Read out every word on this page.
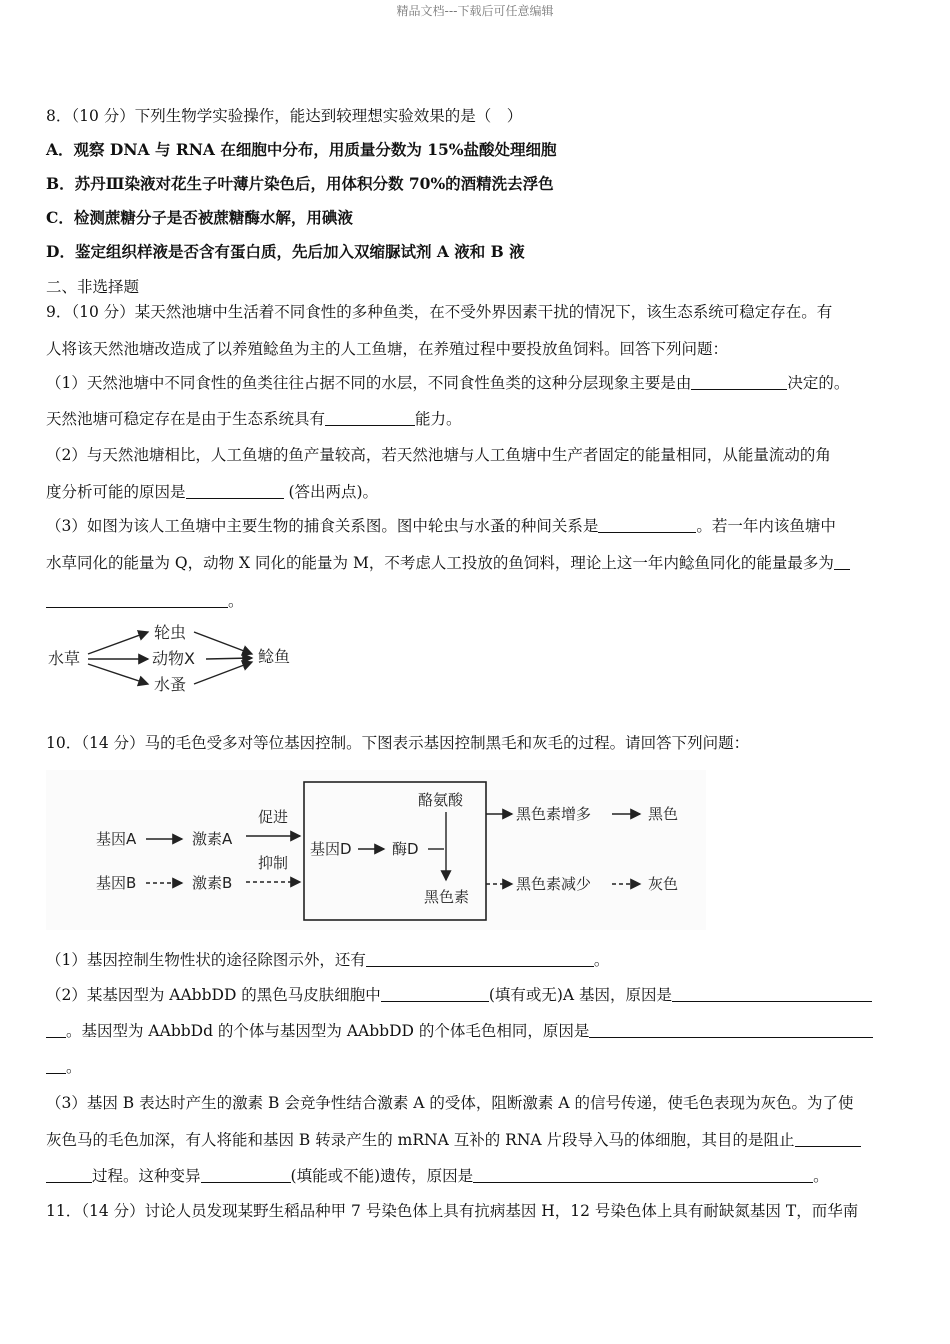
精品文档---下载后可任意编辑
8．（10 分）下列生物学实验操作，能达到较理想实验效果的是（　）
A．观察 DNA 与 RNA 在细胞中分布，用质量分数为 15%盐酸处理细胞
B．苏丹Ⅲ染液对花生子叶薄片染色后，用体积分数 70%的酒精洗去浮色
C．检测蔗糖分子是否被蔗糖酶水解，用碘液
D．鉴定组织样液是否含有蛋白质，先后加入双缩脲试剂 A 液和 B 液
二、非选择题
9．（10 分）某天然池塘中生活着不同食性的多种鱼类，在不受外界因素干扰的情况下，该生态系统可稳定存在。有
人将该天然池塘改造成了以养殖鲶鱼为主的人工鱼塘，在养殖过程中要投放鱼饲料。回答下列问题：
（1）天然池塘中不同食性的鱼类往往占据不同的水层，不同食性鱼类的这种分层现象主要是由	决定的。
天然池塘可稳定存在是由于生态系统具有	能力。
（2）与天然池塘相比，人工鱼塘的鱼产量较高，若天然池塘与人工鱼塘中生产者固定的能量相同，从能量流动的角
度分析可能的原因是	(答出两点)。
（3）如图为该人工鱼塘中主要生物的捕食关系图。图中轮虫与水蚤的种间关系是	。若一年内该鱼塘中
水草同化的能量为 Q，动物 X 同化的能量为 M，不考虑人工投放的鱼饲料，理论上这一年内鲶鱼同化的能量最多为
。
水草
轮虫
动物X
水蚤
鲶鱼
10．（14 分）马的毛色受多对等位基因控制。下图表示基因控制黑毛和灰毛的过程。请回答下列问题：
基因A	激素A
促进
基因B	激素B
抑制
基因D	酶D
酪氨酸
黑色素
黑色素增多	黑色
黑色素减少	灰色
（1）基因控制生物性状的途径除图示外，还有	。
（2）某基因型为 AAbbDD 的黑色马皮肤细胞中	(填有或无)A 基因，原因是
。基因型为 AAbbDd 的个体与基因型为 AAbbDD 的个体毛色相同，原因是
。
（3）基因 B 表达时产生的激素 B 会竞争性结合激素 A 的受体，阻断激素 A 的信号传递，使毛色表现为灰色。为了使
灰色马的毛色加深，有人将能和基因 B 转录产生的 mRNA 互补的 RNA 片段导入马的体细胞，其目的是阻止
过程。这种变异	(填能或不能)遗传，原因是	。
11．（14 分）讨论人员发现某野生稻品种甲 7 号染色体上具有抗病基因 H，12 号染色体上具有耐缺氮基因 T，而华南
